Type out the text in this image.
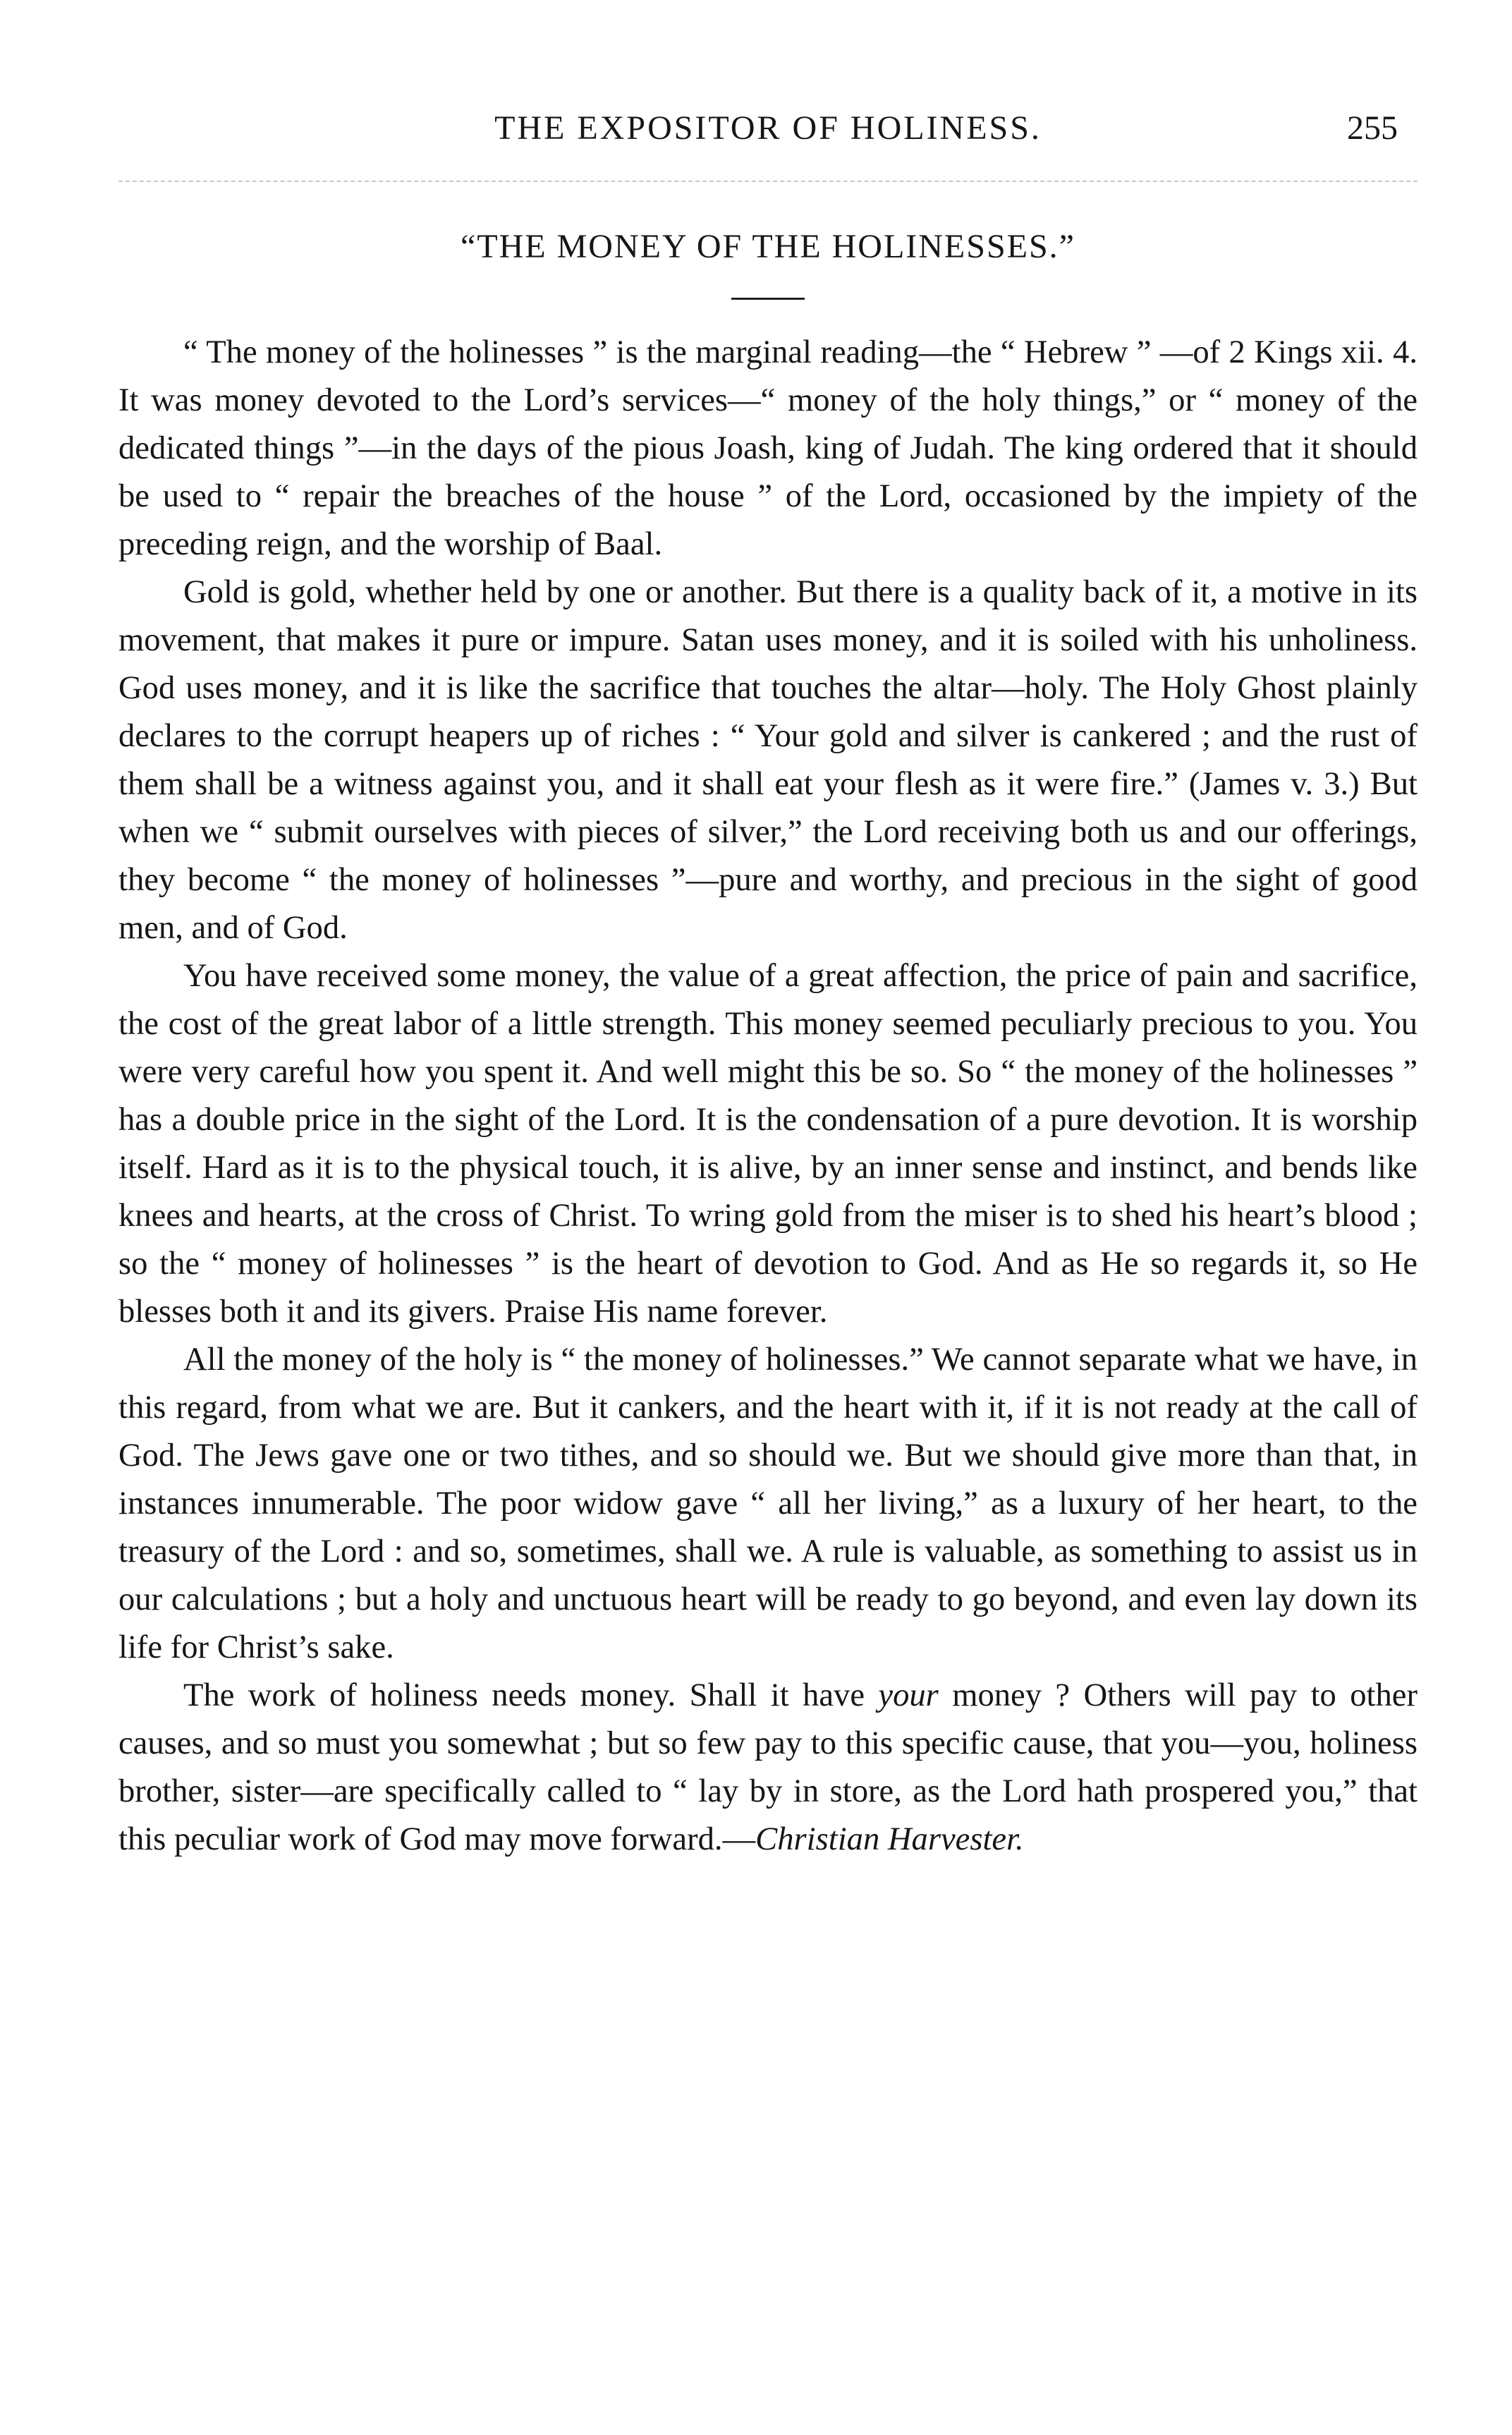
THE EXPOSITOR OF HOLINESS.	255
“THE MONEY OF THE HOLINESSES.”

“ The money of the holinesses ” is the marginal reading—the “ Hebrew ” —of 2 Kings xii. 4. It was money devoted to the Lord’s services—“ money of the holy things,” or “ money of the dedicated things ”—in the days of the pious Joash, king of Judah. The king ordered that it should be used to “ repair the breaches of the house ” of the Lord, occasioned by the impiety of the preceding reign, and the worship of Baal.

Gold is gold, whether held by one or another. But there is a quality back of it, a motive in its movement, that makes it pure or impure. Satan uses money, and it is soiled with his unholiness. God uses money, and it is like the sacrifice that touches the altar—holy. The Holy Ghost plainly declares to the corrupt heapers up of riches : “ Your gold and silver is cankered ; and the rust of them shall be a witness against you, and it shall eat your flesh as it were fire.” (James v. 3.) But when we “ submit ourselves with pieces of silver,” the Lord receiving both us and our offerings, they become “ the money of holinesses ”—pure and worthy, and precious in the sight of good men, and of God.

You have received some money, the value of a great affection, the price of pain and sacrifice, the cost of the great labor of a little strength. This money seemed peculiarly precious to you. You were very careful how you spent it. And well might this be so. So “ the money of the holinesses ” has a double price in the sight of the Lord. It is the condensation of a pure devotion. It is worship itself. Hard as it is to the physical touch, it is alive, by an inner sense and instinct, and bends like knees and hearts, at the cross of Christ. To wring gold from the miser is to shed his heart’s blood ; so the “ money of holinesses ” is the heart of devotion to God. And as He so regards it, so He blesses both it and its givers. Praise His name forever.

All the money of the holy is “ the money of holinesses.” We cannot separate what we have, in this regard, from what we are. But it cankers, and the heart with it, if it is not ready at the call of God. The Jews gave one or two tithes, and so should we. But we should give more than that, in instances innumerable. The poor widow gave “ all her living,” as a luxury of her heart, to the treasury of the Lord : and so, sometimes, shall we. A rule is valuable, as something to assist us in our calculations ; but a holy and unctuous heart will be ready to go beyond, and even lay down its life for Christ’s sake.

The work of holiness needs money. Shall it have your money ? Others will pay to other causes, and so must you somewhat ; but so few pay to this specific cause, that you—you, holiness brother, sister—are specifically called to “ lay by in store, as the Lord hath prospered you,” that this peculiar work of God may move forward.—Christian Harvester.
